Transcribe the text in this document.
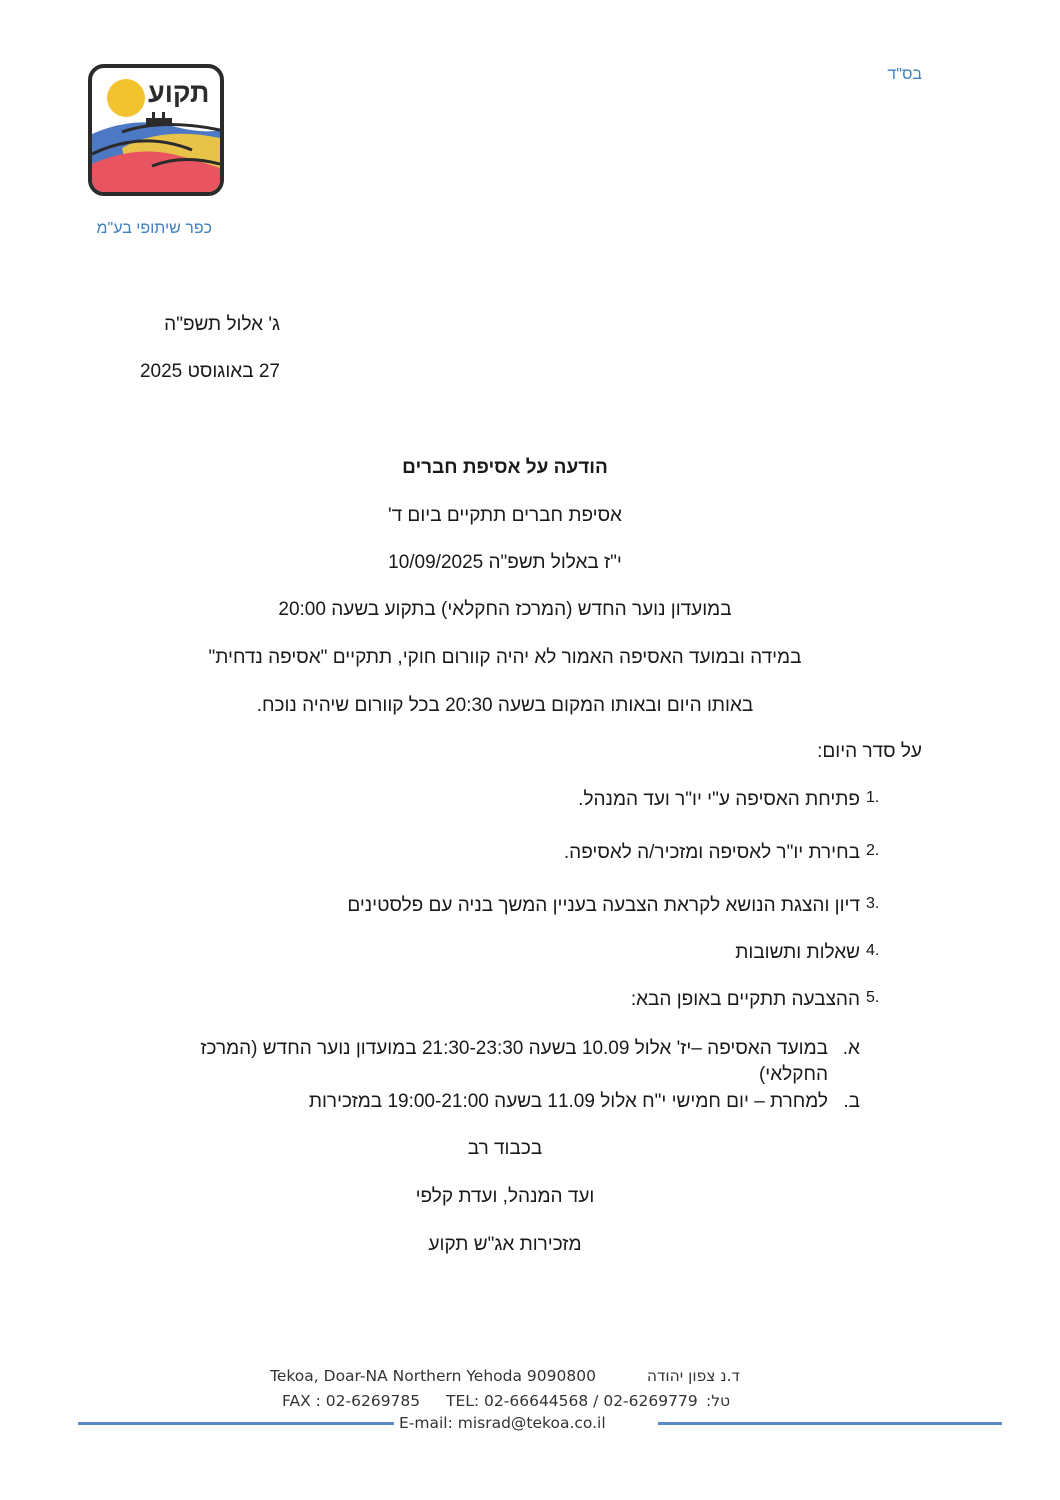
תקוע
כפר שיתופי בע"מ
בס"ד
ג' אלול תשפ"ה
27 באוגוסט 2025
הודעה על אסיפת חברים
אסיפת חברים תתקיים ביום ד'
י"ז באלול תשפ"ה 10/09/2025
במועדון נוער החדש (המרכז החקלאי) בתקוע בשעה 20:00
במידה ובמועד האסיפה האמור לא יהיה קוורום חוקי, תתקיים "אסיפה נדחית"
באותו היום ובאותו המקום בשעה 20:30 בכל קוורום שיהיה נוכח.
על סדר היום:
1.
פתיחת האסיפה ע"י יו"ר ועד המנהל.
2.
בחירת יו"ר לאסיפה ומזכיר/ה לאסיפה.
3.
דיון והצגת הנושא לקראת הצבעה בעניין המשך בניה עם פלסטינים
4.
שאלות ותשובות
5.
ההצבעה תתקיים באופן הבא:
א.
במועד האסיפה –יז' אלול 10.09 בשעה 21:30-23:30 במועדון נוער החדש (המרכז החקלאי)
ב.
למחרת – יום חמישי י"ח אלול 11.09 בשעה 19:00-21:00 במזכירות
בכבוד רב
ועד המנהל, ועדת קלפי
מזכירות אג"ש תקוע
ד.נ צפון יהודה
Tekoa, Doar-NA Northern Yehoda 9090800
FAX : 02-6269785 TEL: 02-66644568 / 02-6269779 טל:
E-mail: misrad@tekoa.co.il
